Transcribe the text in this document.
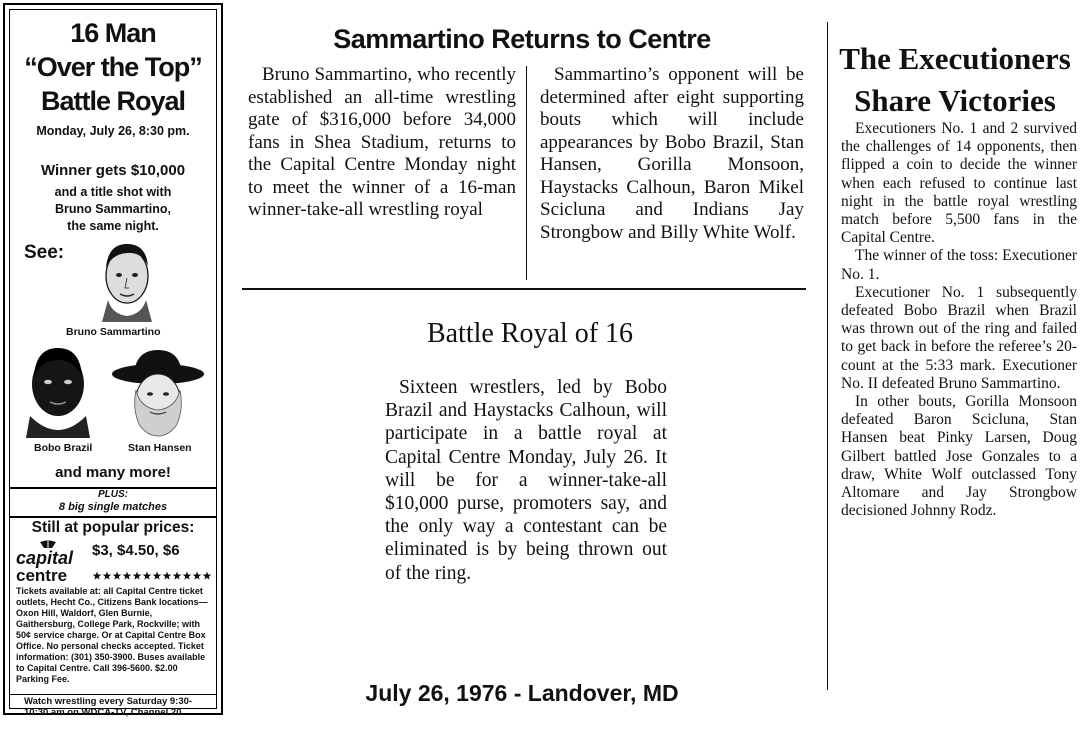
16 Man
“Over the Top”
Battle Royal
Monday, July 26, 8:30 pm.
Winner gets $10,000
and a title shot with
Bruno Sammartino,
the same night.
See:
Bruno Sammartino
Bobo Brazil	Stan Hansen
and many more!
PLUS:
8 big single matches
Still at popular prices:
capital
centre
$3, $4.50, $6
Tickets available at: all Capital Centre ticket outlets, Hecht Co., Citizens Bank locations—Oxon Hill, Waldorf, Glen Burnie, Gaithersburg, College Park, Rockville; with 50¢ service charge. Or at Capital Centre Box Office. No personal checks accepted. Ticket information: (301) 350-3900. Buses available to Capital Centre. Call 396-5600. $2.00 Parking Fee.
Watch wrestling every Saturday 9:30-10:30 am on WDCA-TV, Channel 20.
Sammartino Returns to Centre

Bruno Sammartino, who recently established an all-time wrestling gate of $316,000 before 34,000 fans in Shea Stadium, returns to the Capital Centre Monday night to meet the winner of a 16-man winner-take-all wrestling royal

Sammartino’s opponent will be determined after eight supporting bouts which will include appearances by Bobo Brazil, Stan Hansen, Gorilla Monsoon, Haystacks Calhoun, Baron Mikel Scicluna and Indians Jay Strongbow and Billy White Wolf.

Battle Royal of 16

Sixteen wrestlers, led by Bobo Brazil and Haystacks Calhoun, will participate in a battle royal at Capital Centre Monday, July 26. It will be for a winner-take-all $10,000 purse, promoters say, and the only way a contestant can be eliminated is by being thrown out of the ring.

The Executioners
Share Victories

Executioners No. 1 and 2 survived the challenges of 14 opponents, then flipped a coin to decide the winner when each refused to continue last night in the battle royal wrestling match before 5,500 fans in the Capital Centre.

The winner of the toss: Executioner No. 1.

Executioner No. 1 subsequently defeated Bobo Brazil when Brazil was thrown out of the ring and failed to get back in before the referee’s 20-count at the 5:33 mark. Executioner No. II defeated Bruno Sammartino.

In other bouts, Gorilla Monsoon defeated Baron Scicluna, Stan Hansen beat Pinky Larsen, Doug Gilbert battled Jose Gonzales to a draw, White Wolf outclassed Tony Altomare and Jay Strongbow decisioned Johnny Rodz.

July 26, 1976 - Landover, MD
